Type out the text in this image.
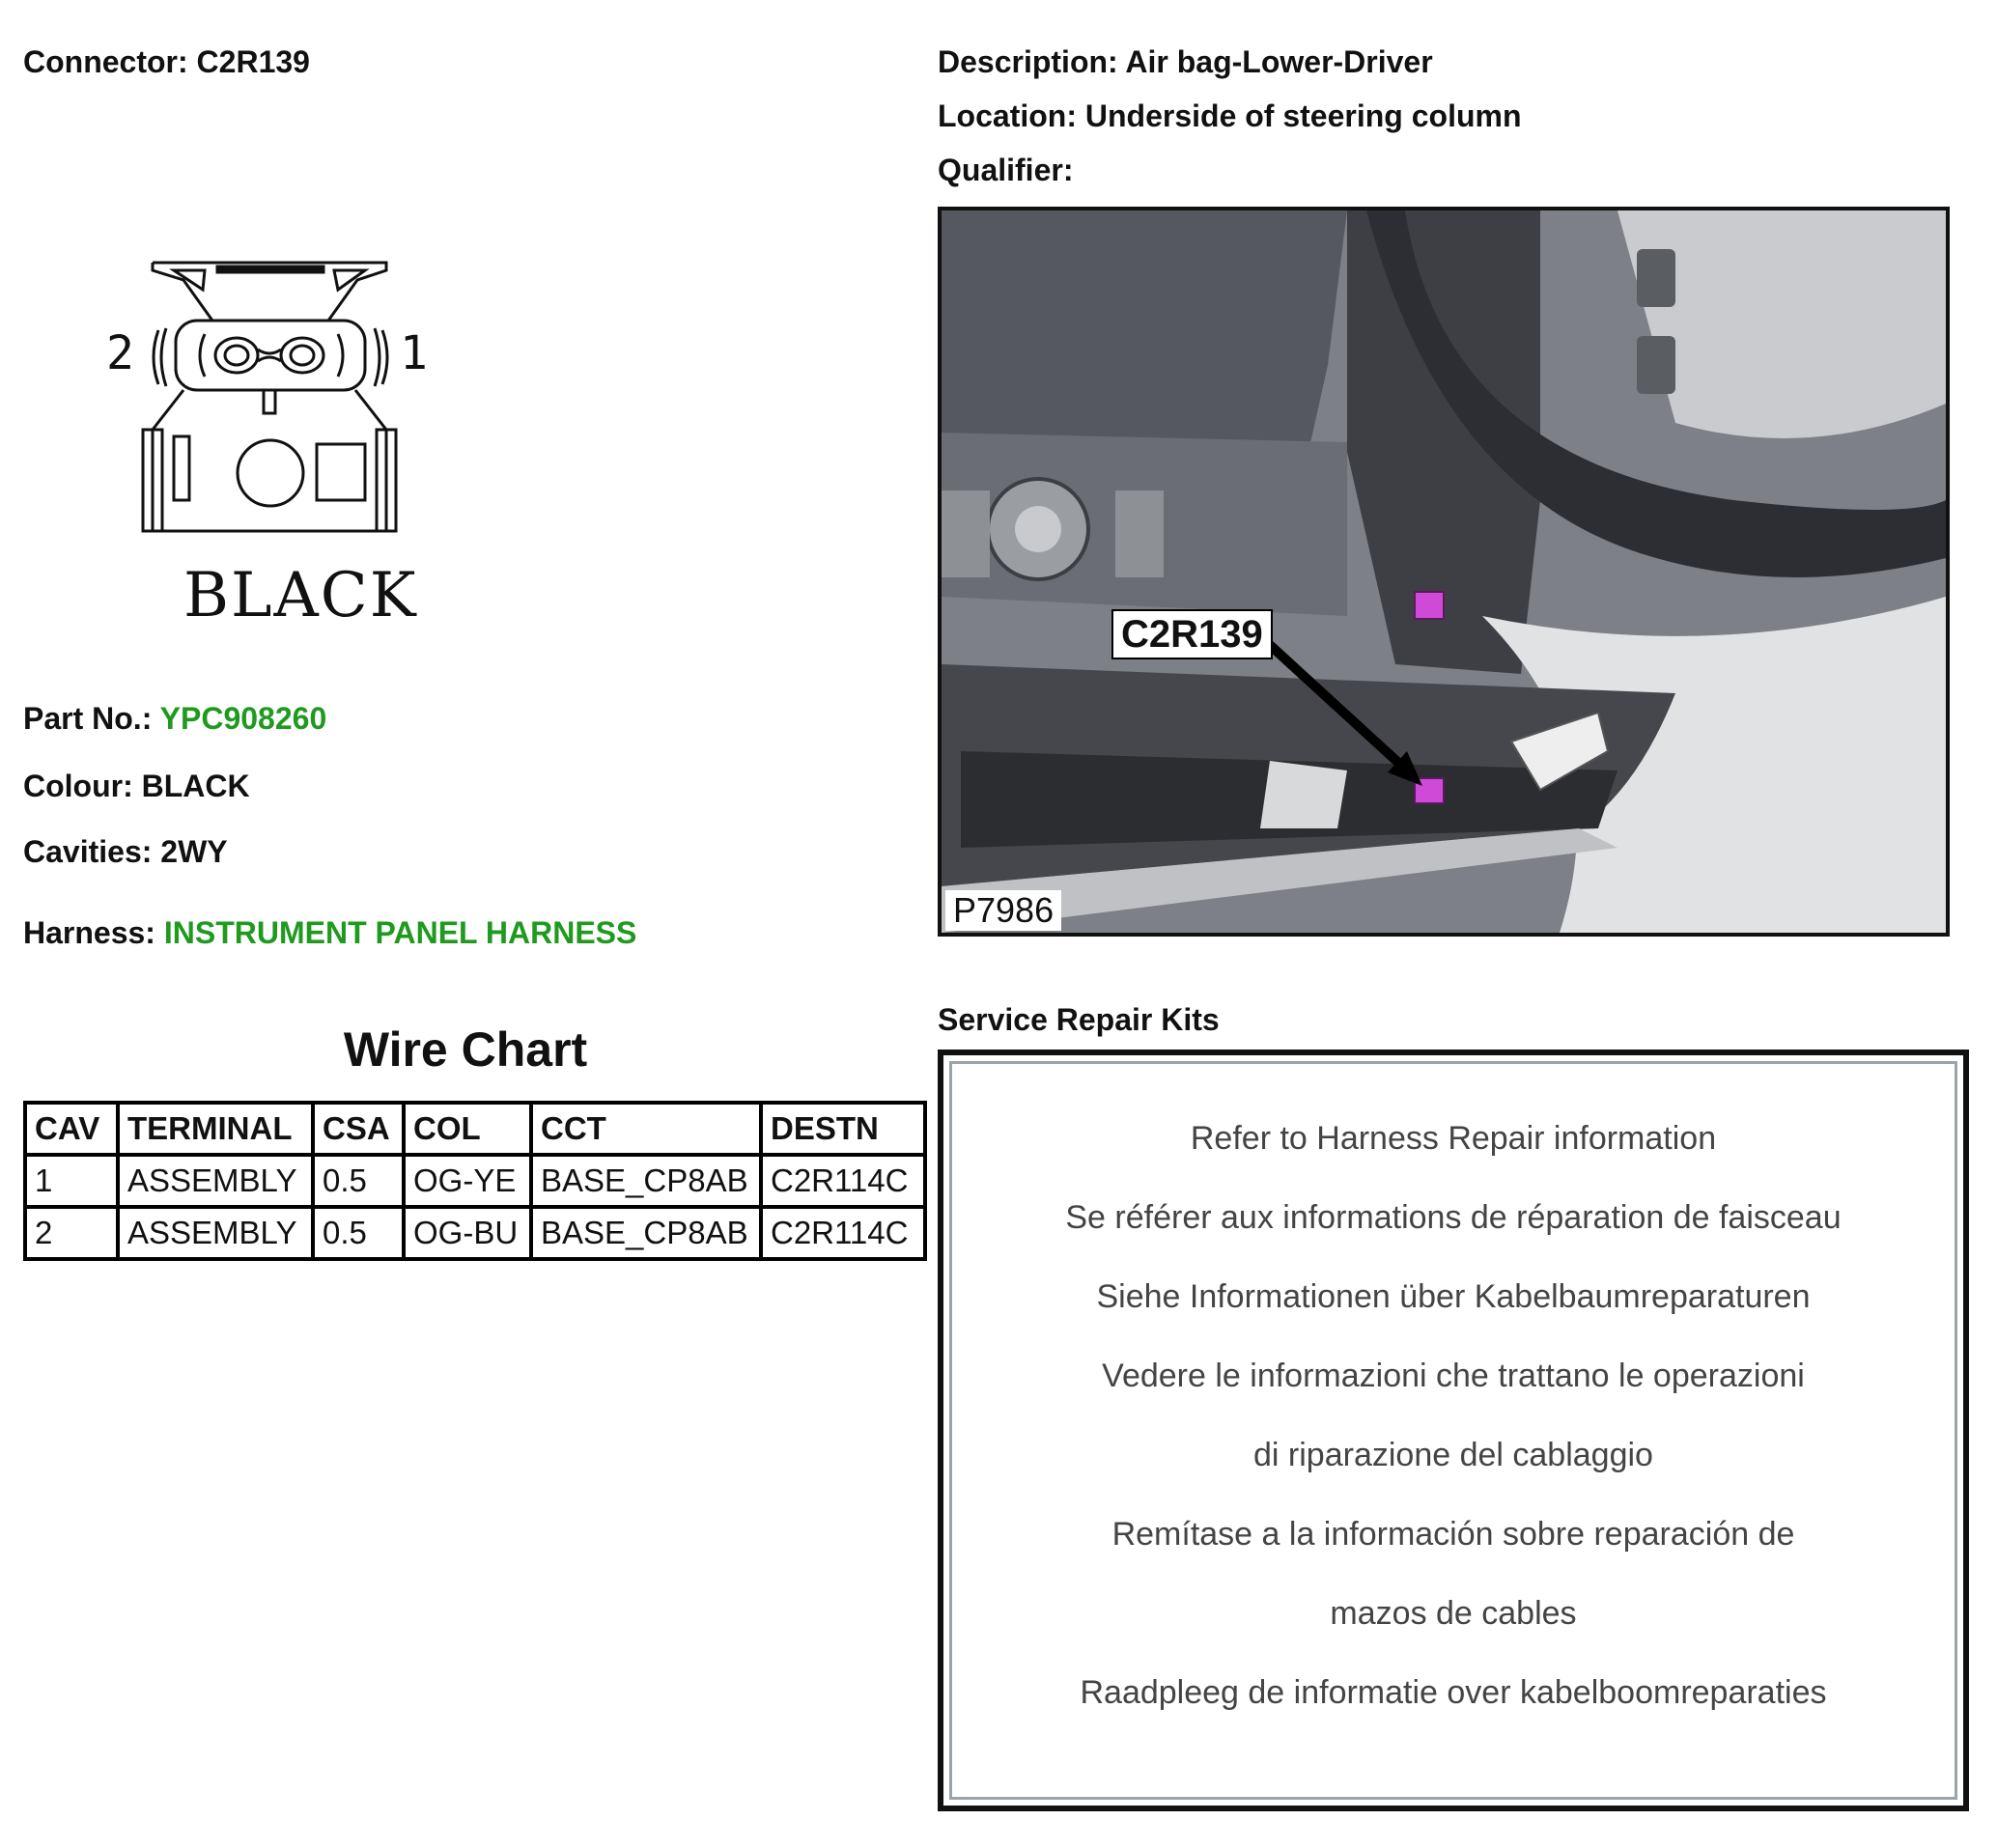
Connector: C2R139
2	1
BLACK
Part No.: YPC908260
Colour: BLACK
Cavities: 2WY
Harness: INSTRUMENT PANEL HARNESS
Wire Chart
CAV	TERMINAL	CSA	COL	CCT	DESTN
1	ASSEMBLY	0.5	OG-YE	BASE_CP8AB	C2R114C
2	ASSEMBLY	0.5	OG-BU	BASE_CP8AB	C2R114C
Description: Air bag-Lower-Driver
Location: Underside of steering column
Qualifier:
C2R139
P7986
Service Repair Kits
Refer to Harness Repair information
Se référer aux informations de réparation de faisceau
Siehe Informationen über Kabelbaumreparaturen
Vedere le informazioni che trattano le operazioni
di riparazione del cablaggio
Remítase a la información sobre reparación de
mazos de cables
Raadpleeg de informatie over kabelboomreparaties
